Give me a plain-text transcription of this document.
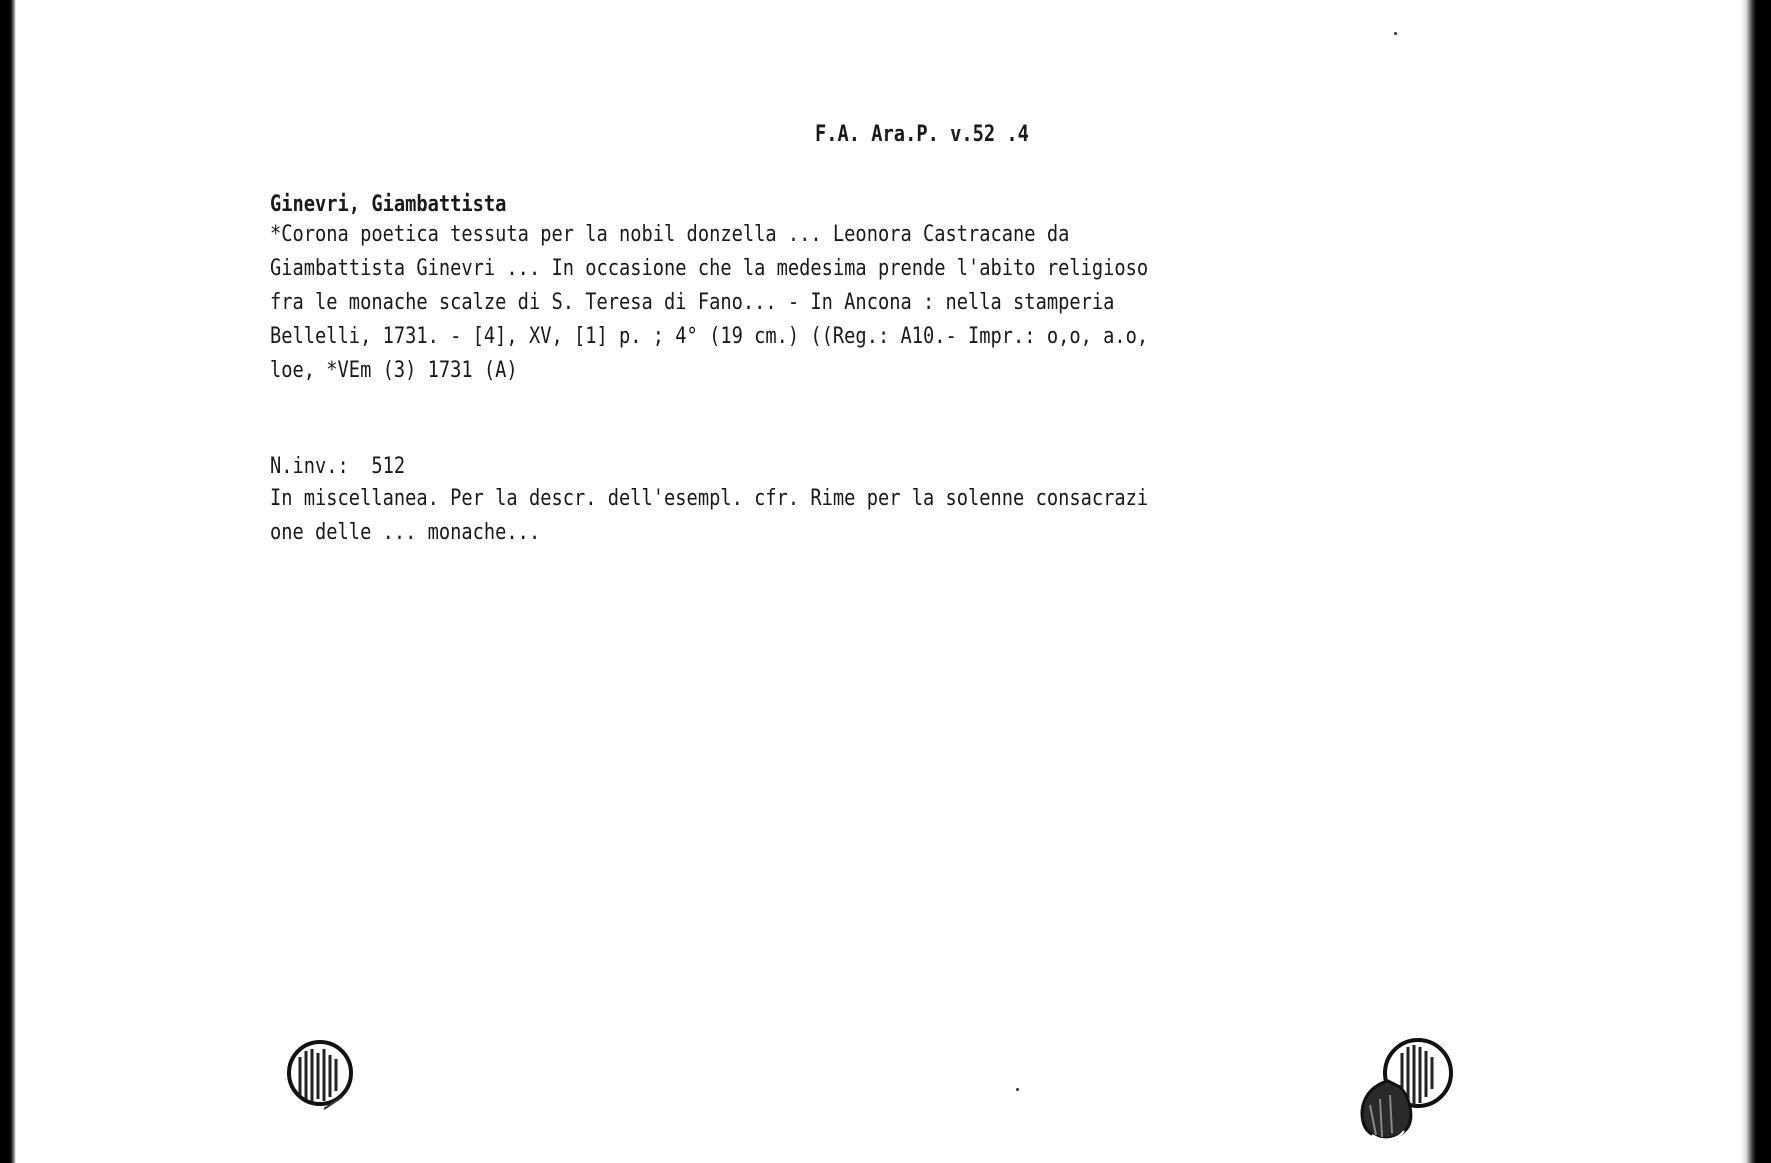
F.A. Ara.P. v.52 .4
Ginevri, Giambattista
*Corona poetica tessuta per la nobil donzella ... Leonora Castracane da
Giambattista Ginevri ... In occasione che la medesima prende l'abito religioso
fra le monache scalze di S. Teresa di Fano... - In Ancona : nella stamperia
Bellelli, 1731. - [4], XV, [1] p. ; 4° (19 cm.) ((Reg.: A10.- Impr.: o,o, a.o,
loe, *VEm (3) 1731 (A)
N.inv.:  512
In miscellanea. Per la descr. dell'esempl. cfr. Rime per la solenne consacrazi
one delle ... monache...
